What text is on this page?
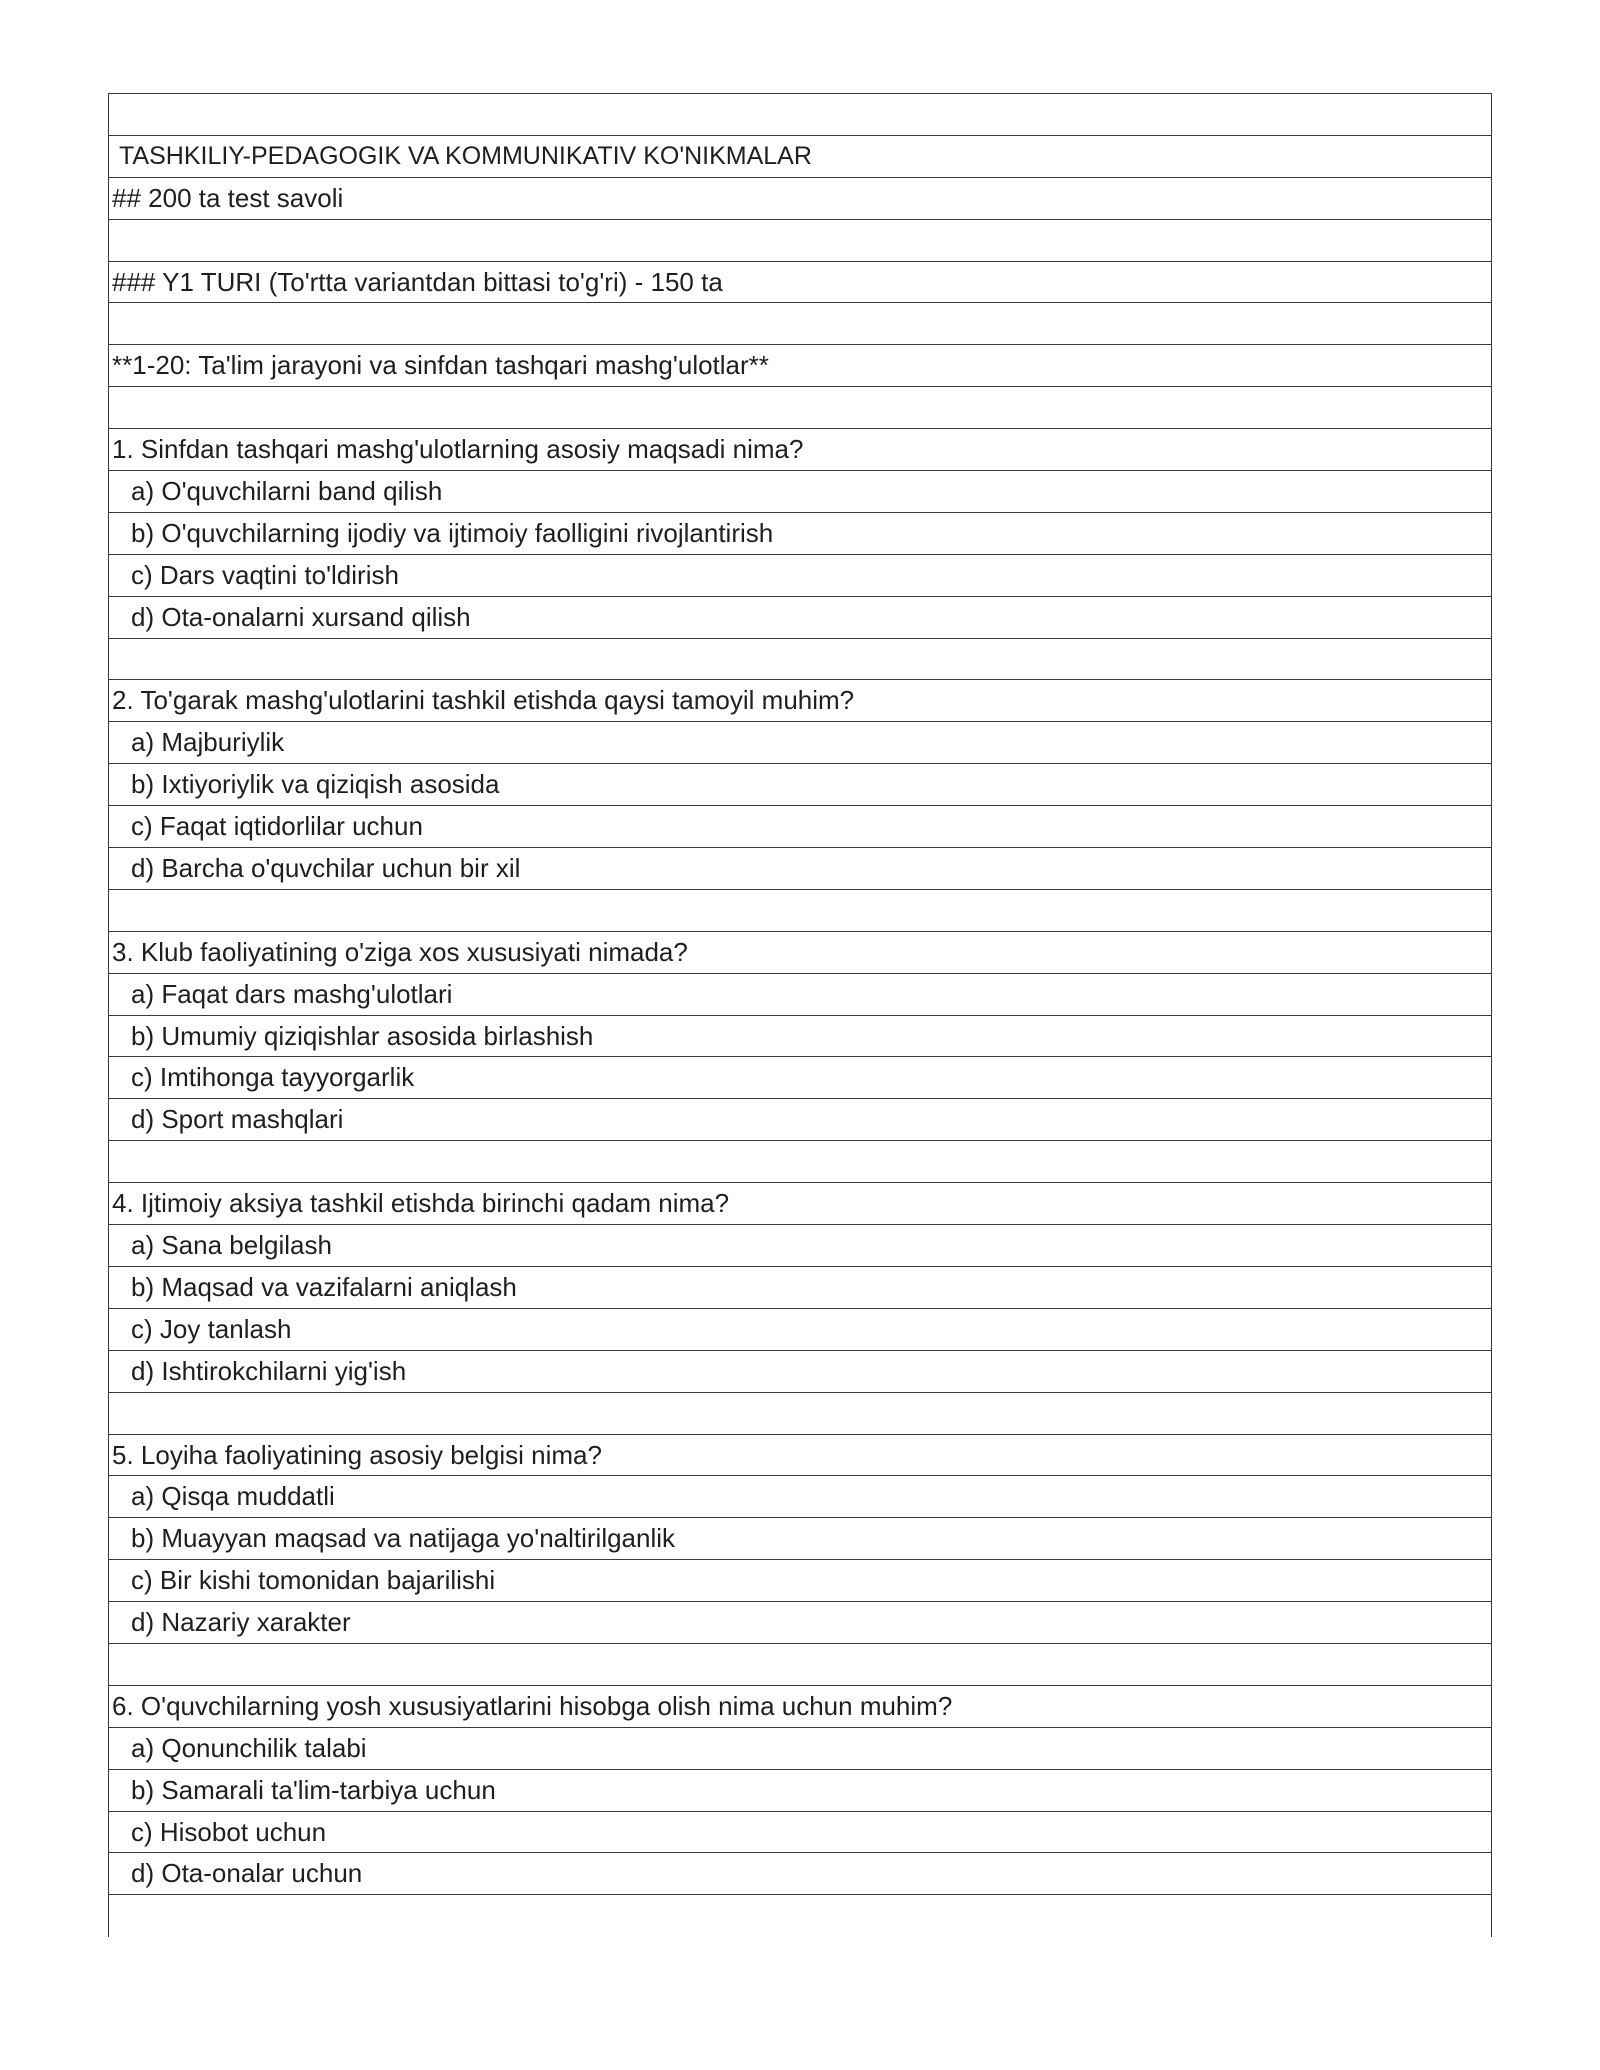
TASHKILIY-PEDAGOGIK VA KOMMUNIKATIV KO'NIKMALAR
## 200 ta test savoli
### Y1 TURI (To'rtta variantdan bittasi to'g'ri) - 150 ta
**1-20: Ta'lim jarayoni va sinfdan tashqari mashg'ulotlar**
1. Sinfdan tashqari mashg'ulotlarning asosiy maqsadi nima?
a) O'quvchilarni band qilish
b) O'quvchilarning ijodiy va ijtimoiy faolligini rivojlantirish
c) Dars vaqtini to'ldirish
d) Ota-onalarni xursand qilish
2. To'garak mashg'ulotlarini tashkil etishda qaysi tamoyil muhim?
a) Majburiylik
b) Ixtiyoriylik va qiziqish asosida
c) Faqat iqtidorlilar uchun
d) Barcha o'quvchilar uchun bir xil
3. Klub faoliyatining o'ziga xos xususiyati nimada?
a) Faqat dars mashg'ulotlari
b) Umumiy qiziqishlar asosida birlashish
c) Imtihonga tayyorgarlik
d) Sport mashqlari
4. Ijtimoiy aksiya tashkil etishda birinchi qadam nima?
a) Sana belgilash
b) Maqsad va vazifalarni aniqlash
c) Joy tanlash
d) Ishtirokchilarni yig'ish
5. Loyiha faoliyatining asosiy belgisi nima?
a) Qisqa muddatli
b) Muayyan maqsad va natijaga yo'naltirilganlik
c) Bir kishi tomonidan bajarilishi
d) Nazariy xarakter
6. O'quvchilarning yosh xususiyatlarini hisobga olish nima uchun muhim?
a) Qonunchilik talabi
b) Samarali ta'lim-tarbiya uchun
c) Hisobot uchun
d) Ota-onalar uchun
